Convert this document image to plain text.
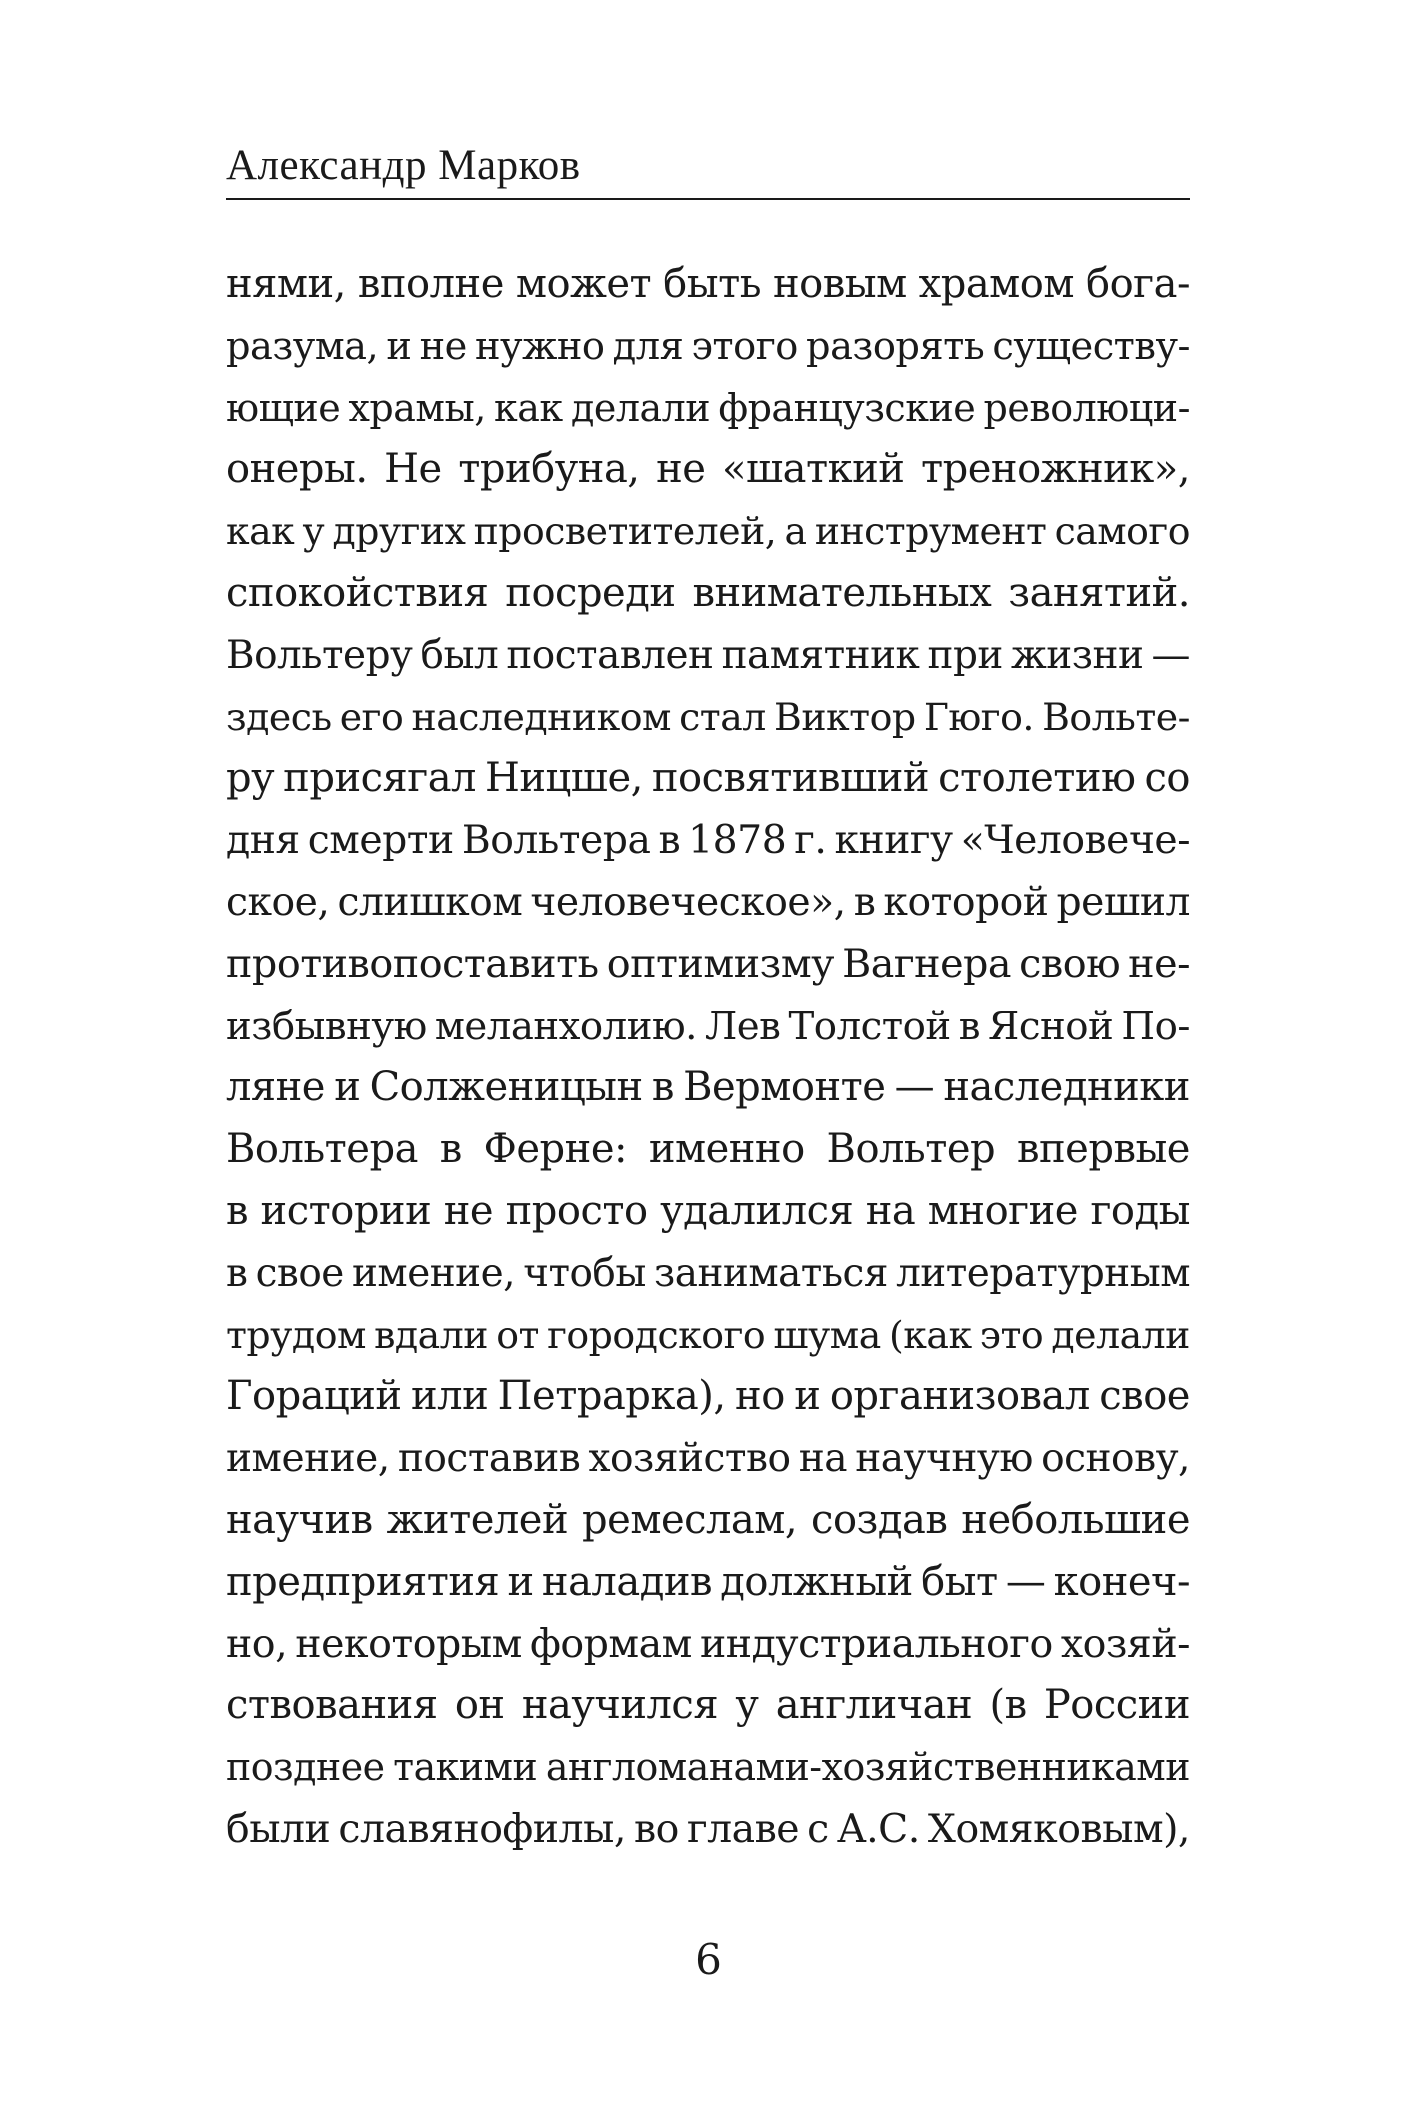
Александр Марков
нями, вполне может быть новым храмом бога-
разума, и не нужно для этого разорять существу-
ющие храмы, как делали французские революци-
онеры. Не трибуна, не «шаткий треножник»,
как у других просветителей, а инструмент самого
спокойствия посреди внимательных занятий.
Вольтеру был поставлен памятник при жизни —
здесь его наследником стал Виктор Гюго. Вольте-
ру присягал Ницше, посвятивший столетию со
дня смерти Вольтера в 1878 г. книгу «Человече-
ское, слишком человеческое», в которой решил
противопоставить оптимизму Вагнера свою не-
избывную меланхолию. Лев Толстой в Ясной По-
ляне и Солженицын в Вермонте — наследники
Вольтера в Ферне: именно Вольтер впервые
в истории не просто удалился на многие годы
в свое имение, чтобы заниматься литературным
трудом вдали от городского шума (как это делали
Гораций или Петрарка), но и организовал свое
имение, поставив хозяйство на научную основу,
научив жителей ремеслам, создав небольшие
предприятия и наладив должный быт — конеч-
но, некоторым формам индустриального хозяй-
ствования он научился у англичан (в России
позднее такими англоманами-хозяйственниками
были славянофилы, во главе с А.С. Хомяковым),
6
